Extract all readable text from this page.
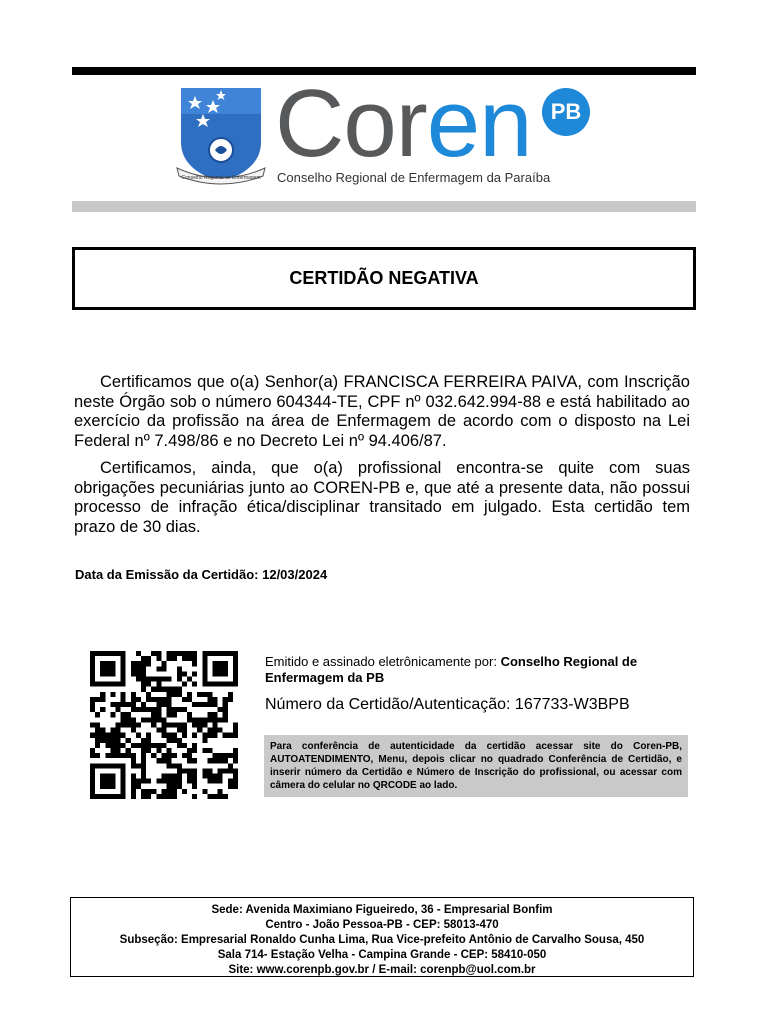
Conselho Regional de Enfermagem
Coren PB
Conselho Regional de Enfermagem da Paraíba
CERTIDÃO NEGATIVA

Certificamos que o(a) Senhor(a) FRANCISCA FERREIRA PAIVA, com Inscrição neste Órgão sob o número 604344-TE, CPF nº 032.642.994-88 e está habilitado ao exercício da profissão na área de Enfermagem de acordo com o disposto na Lei Federal nº 7.498/86 e no Decreto Lei nº 94.406/87.

Certificamos, ainda, que o(a) profissional encontra-se quite com suas obrigações pecuniárias junto ao COREN-PB e, que até a presente data, não possui processo de infração ética/disciplinar transitado em julgado. Esta certidão tem prazo de 30 dias.

Data da Emissão da Certidão: 12/03/2024
Emitido e assinado eletrônicamente por: Conselho Regional de Enfermagem da PB
Número da Certidão/Autenticação: 167733-W3BPB
Para conferência de autenticidade da certidão acessar site do Coren-PB, AUTOATENDIMENTO, Menu, depois clicar no quadrado Conferência de Certidão, e inserir número da Certidão e Número de Inscrição do profissional, ou acessar com câmera do celular no QRCODE ao lado.
Sede: Avenida Maximiano Figueiredo, 36 - Empresarial Bonfim
Centro - João Pessoa-PB - CEP: 58013-470
Subseção: Empresarial Ronaldo Cunha Lima, Rua Vice-prefeito Antônio de Carvalho Sousa, 450
Sala 714- Estação Velha - Campina Grande - CEP: 58410-050
Site: www.corenpb.gov.br / E-mail: corenpb@uol.com.br
